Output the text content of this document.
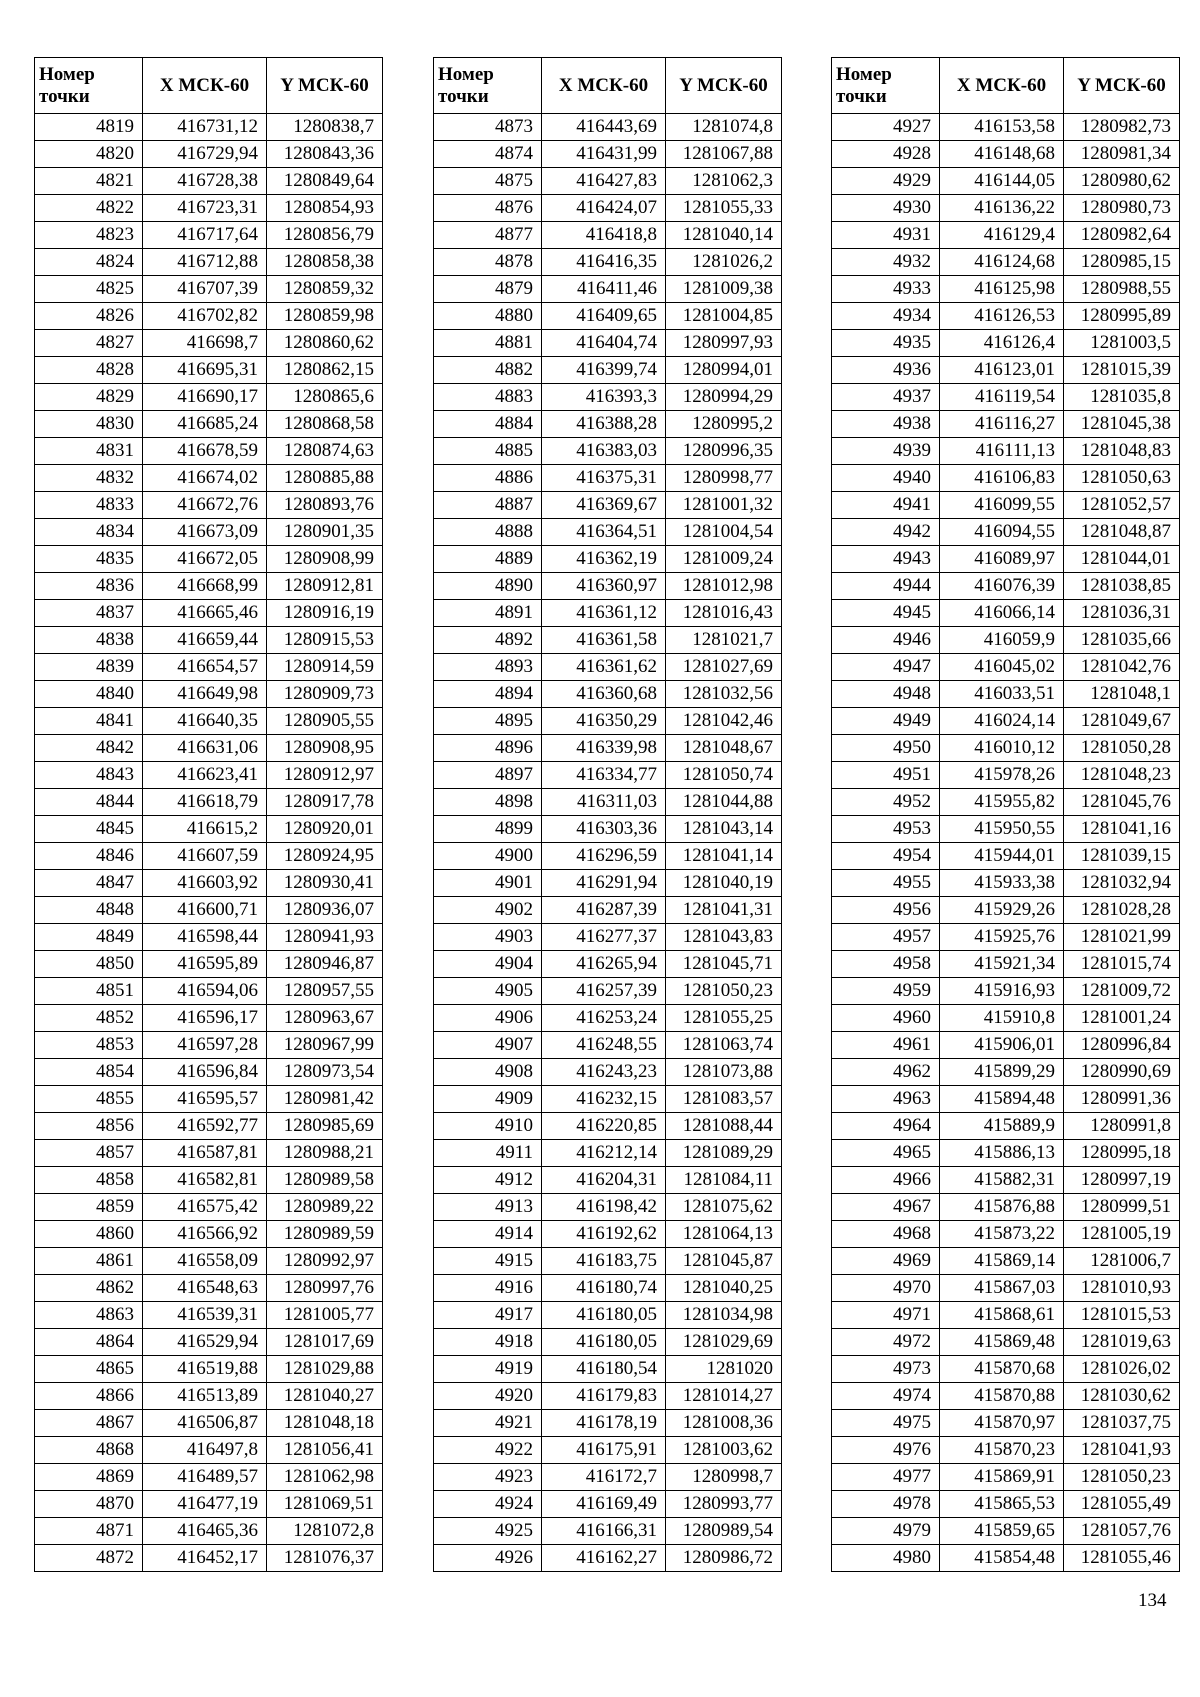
Номер
точки	X МСК-60	Y МСК-60
4819	416731,12	1280838,7
4820	416729,94	1280843,36
4821	416728,38	1280849,64
4822	416723,31	1280854,93
4823	416717,64	1280856,79
4824	416712,88	1280858,38
4825	416707,39	1280859,32
4826	416702,82	1280859,98
4827	416698,7	1280860,62
4828	416695,31	1280862,15
4829	416690,17	1280865,6
4830	416685,24	1280868,58
4831	416678,59	1280874,63
4832	416674,02	1280885,88
4833	416672,76	1280893,76
4834	416673,09	1280901,35
4835	416672,05	1280908,99
4836	416668,99	1280912,81
4837	416665,46	1280916,19
4838	416659,44	1280915,53
4839	416654,57	1280914,59
4840	416649,98	1280909,73
4841	416640,35	1280905,55
4842	416631,06	1280908,95
4843	416623,41	1280912,97
4844	416618,79	1280917,78
4845	416615,2	1280920,01
4846	416607,59	1280924,95
4847	416603,92	1280930,41
4848	416600,71	1280936,07
4849	416598,44	1280941,93
4850	416595,89	1280946,87
4851	416594,06	1280957,55
4852	416596,17	1280963,67
4853	416597,28	1280967,99
4854	416596,84	1280973,54
4855	416595,57	1280981,42
4856	416592,77	1280985,69
4857	416587,81	1280988,21
4858	416582,81	1280989,58
4859	416575,42	1280989,22
4860	416566,92	1280989,59
4861	416558,09	1280992,97
4862	416548,63	1280997,76
4863	416539,31	1281005,77
4864	416529,94	1281017,69
4865	416519,88	1281029,88
4866	416513,89	1281040,27
4867	416506,87	1281048,18
4868	416497,8	1281056,41
4869	416489,57	1281062,98
4870	416477,19	1281069,51
4871	416465,36	1281072,8
4872	416452,17	1281076,37
Номер
точки	X МСК-60	Y МСК-60
4873	416443,69	1281074,8
4874	416431,99	1281067,88
4875	416427,83	1281062,3
4876	416424,07	1281055,33
4877	416418,8	1281040,14
4878	416416,35	1281026,2
4879	416411,46	1281009,38
4880	416409,65	1281004,85
4881	416404,74	1280997,93
4882	416399,74	1280994,01
4883	416393,3	1280994,29
4884	416388,28	1280995,2
4885	416383,03	1280996,35
4886	416375,31	1280998,77
4887	416369,67	1281001,32
4888	416364,51	1281004,54
4889	416362,19	1281009,24
4890	416360,97	1281012,98
4891	416361,12	1281016,43
4892	416361,58	1281021,7
4893	416361,62	1281027,69
4894	416360,68	1281032,56
4895	416350,29	1281042,46
4896	416339,98	1281048,67
4897	416334,77	1281050,74
4898	416311,03	1281044,88
4899	416303,36	1281043,14
4900	416296,59	1281041,14
4901	416291,94	1281040,19
4902	416287,39	1281041,31
4903	416277,37	1281043,83
4904	416265,94	1281045,71
4905	416257,39	1281050,23
4906	416253,24	1281055,25
4907	416248,55	1281063,74
4908	416243,23	1281073,88
4909	416232,15	1281083,57
4910	416220,85	1281088,44
4911	416212,14	1281089,29
4912	416204,31	1281084,11
4913	416198,42	1281075,62
4914	416192,62	1281064,13
4915	416183,75	1281045,87
4916	416180,74	1281040,25
4917	416180,05	1281034,98
4918	416180,05	1281029,69
4919	416180,54	1281020
4920	416179,83	1281014,27
4921	416178,19	1281008,36
4922	416175,91	1281003,62
4923	416172,7	1280998,7
4924	416169,49	1280993,77
4925	416166,31	1280989,54
4926	416162,27	1280986,72
Номер
точки	X МСК-60	Y МСК-60
4927	416153,58	1280982,73
4928	416148,68	1280981,34
4929	416144,05	1280980,62
4930	416136,22	1280980,73
4931	416129,4	1280982,64
4932	416124,68	1280985,15
4933	416125,98	1280988,55
4934	416126,53	1280995,89
4935	416126,4	1281003,5
4936	416123,01	1281015,39
4937	416119,54	1281035,8
4938	416116,27	1281045,38
4939	416111,13	1281048,83
4940	416106,83	1281050,63
4941	416099,55	1281052,57
4942	416094,55	1281048,87
4943	416089,97	1281044,01
4944	416076,39	1281038,85
4945	416066,14	1281036,31
4946	416059,9	1281035,66
4947	416045,02	1281042,76
4948	416033,51	1281048,1
4949	416024,14	1281049,67
4950	416010,12	1281050,28
4951	415978,26	1281048,23
4952	415955,82	1281045,76
4953	415950,55	1281041,16
4954	415944,01	1281039,15
4955	415933,38	1281032,94
4956	415929,26	1281028,28
4957	415925,76	1281021,99
4958	415921,34	1281015,74
4959	415916,93	1281009,72
4960	415910,8	1281001,24
4961	415906,01	1280996,84
4962	415899,29	1280990,69
4963	415894,48	1280991,36
4964	415889,9	1280991,8
4965	415886,13	1280995,18
4966	415882,31	1280997,19
4967	415876,88	1280999,51
4968	415873,22	1281005,19
4969	415869,14	1281006,7
4970	415867,03	1281010,93
4971	415868,61	1281015,53
4972	415869,48	1281019,63
4973	415870,68	1281026,02
4974	415870,88	1281030,62
4975	415870,97	1281037,75
4976	415870,23	1281041,93
4977	415869,91	1281050,23
4978	415865,53	1281055,49
4979	415859,65	1281057,76
4980	415854,48	1281055,46
134
